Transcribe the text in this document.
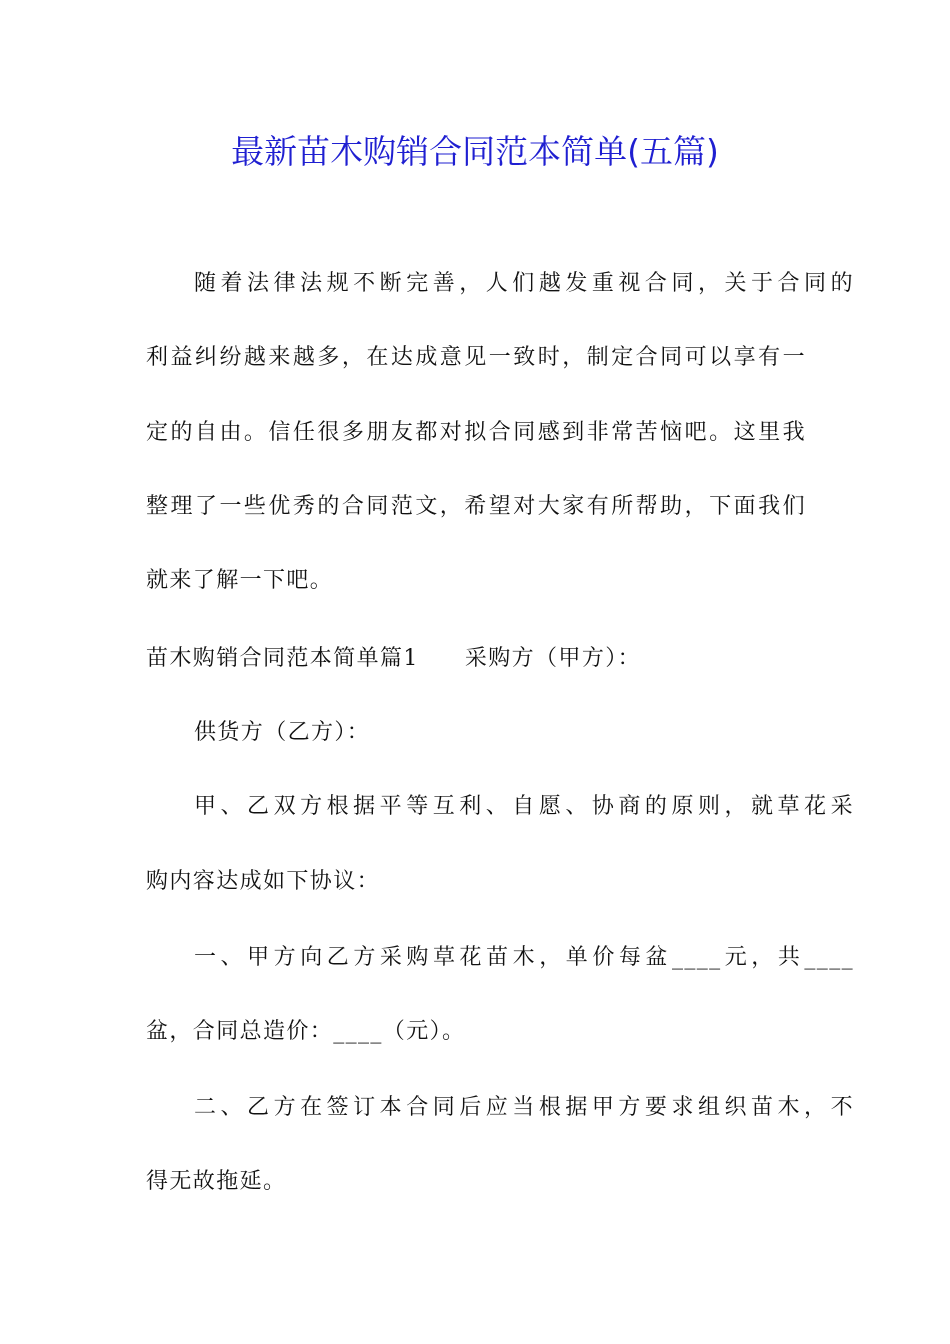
最新苗木购销合同范本简单(五篇)

随着法律法规不断完善，人们越发重视合同，关于合同的

利益纠纷越来越多，在达成意见一致时，制定合同可以享有一

定的自由。信任很多朋友都对拟合同感到非常苦恼吧。这里我

整理了一些优秀的合同范文，希望对大家有所帮助，下面我们

就来了解一下吧。

苗木购销合同范本简单篇1 采购方（甲方）：

供货方（乙方）：

甲、乙双方根据平等互利、自愿、协商的原则，就草花采

购内容达成如下协议：

一、甲方向乙方采购草花苗木，单价每盆____元，共____

盆，合同总造价：____（元）。

二、乙方在签订本合同后应当根据甲方要求组织苗木，不

得无故拖延。
